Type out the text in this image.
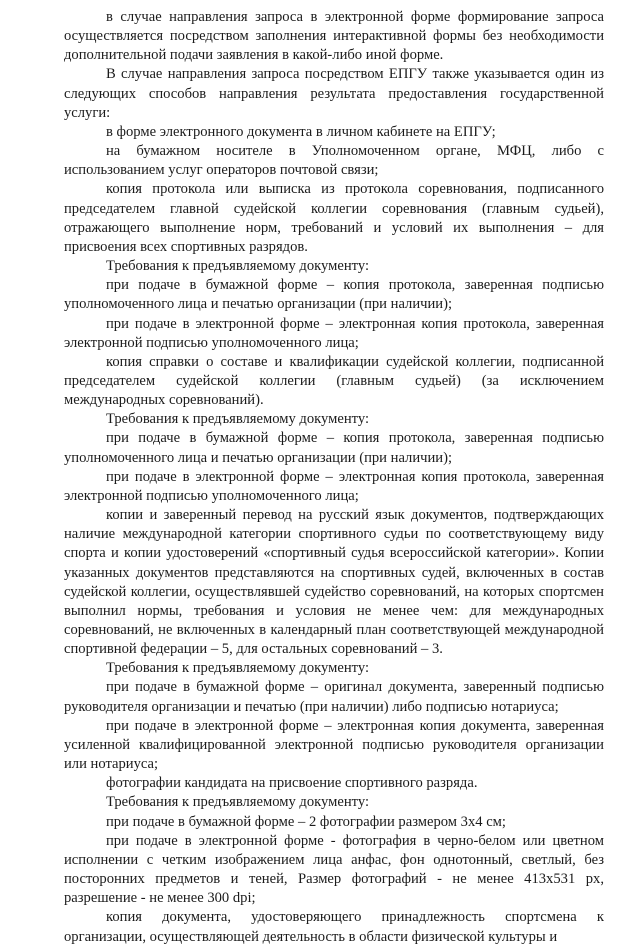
в случае направления запроса в электронной форме формирование запроса осуществляется посредством заполнения интерактивной формы без необходимости дополнительной подачи заявления в какой-либо иной форме.

В случае направления запроса посредством ЕПГУ также указывается один из следующих способов направления результата предоставления государственной услуги:

в форме электронного документа в личном кабинете на ЕПГУ;

на бумажном носителе в Уполномоченном органе, МФЦ, либо с использованием услуг операторов почтовой связи;

копия протокола или выписка из протокола соревнования, подписанного председателем главной судейской коллегии соревнования (главным судьей), отражающего выполнение норм, требований и условий их выполнения – для присвоения всех спортивных разрядов.

Требования к предъявляемому документу:

при подаче в бумажной форме – копия протокола, заверенная подписью уполномоченного лица и печатью организации (при наличии);

при подаче в электронной форме – электронная копия протокола, заверенная электронной подписью уполномоченного лица;

копия справки о составе и квалификации судейской коллегии, подписанной председателем судейской коллегии (главным судьей) (за исключением международных соревнований).

Требования к предъявляемому документу:

при подаче в бумажной форме – копия протокола, заверенная подписью уполномоченного лица и печатью организации (при наличии);

при подаче в электронной форме – электронная копия протокола, заверенная электронной подписью уполномоченного лица;

копии и заверенный перевод на русский язык документов, подтверждающих наличие международной категории спортивного судьи по соответствующему виду спорта и копии удостоверений «спортивный судья всероссийской категории». Копии указанных документов представляются на спортивных судей, включенных в состав судейской коллегии, осуществлявшей судейство соревнований, на которых спортсмен выполнил нормы, требования и условия не менее чем: для международных соревнований, не включенных в календарный план соответствующей международной спортивной федерации – 5, для остальных соревнований – 3.

Требования к предъявляемому документу:

при подаче в бумажной форме – оригинал документа, заверенный подписью руководителя организации и печатью (при наличии) либо подписью нотариуса;

при подаче в электронной форме – электронная копия документа, заверенная усиленной квалифицированной электронной подписью руководителя организации или нотариуса;

фотографии кандидата на присвоение спортивного разряда.

Требования к предъявляемому документу:

при подаче в бумажной форме – 2 фотографии размером 3х4 см;

при подаче в электронной форме - фотография в черно-белом или цветном исполнении с четким изображением лица анфас, фон однотонный, светлый, без посторонних предметов и теней, Размер фотографий - не менее 413х531 px, разрешение - не менее 300 dpi;

копия документа, удостоверяющего принадлежность спортсмена к организации, осуществляющей деятельность в области физической культуры и
